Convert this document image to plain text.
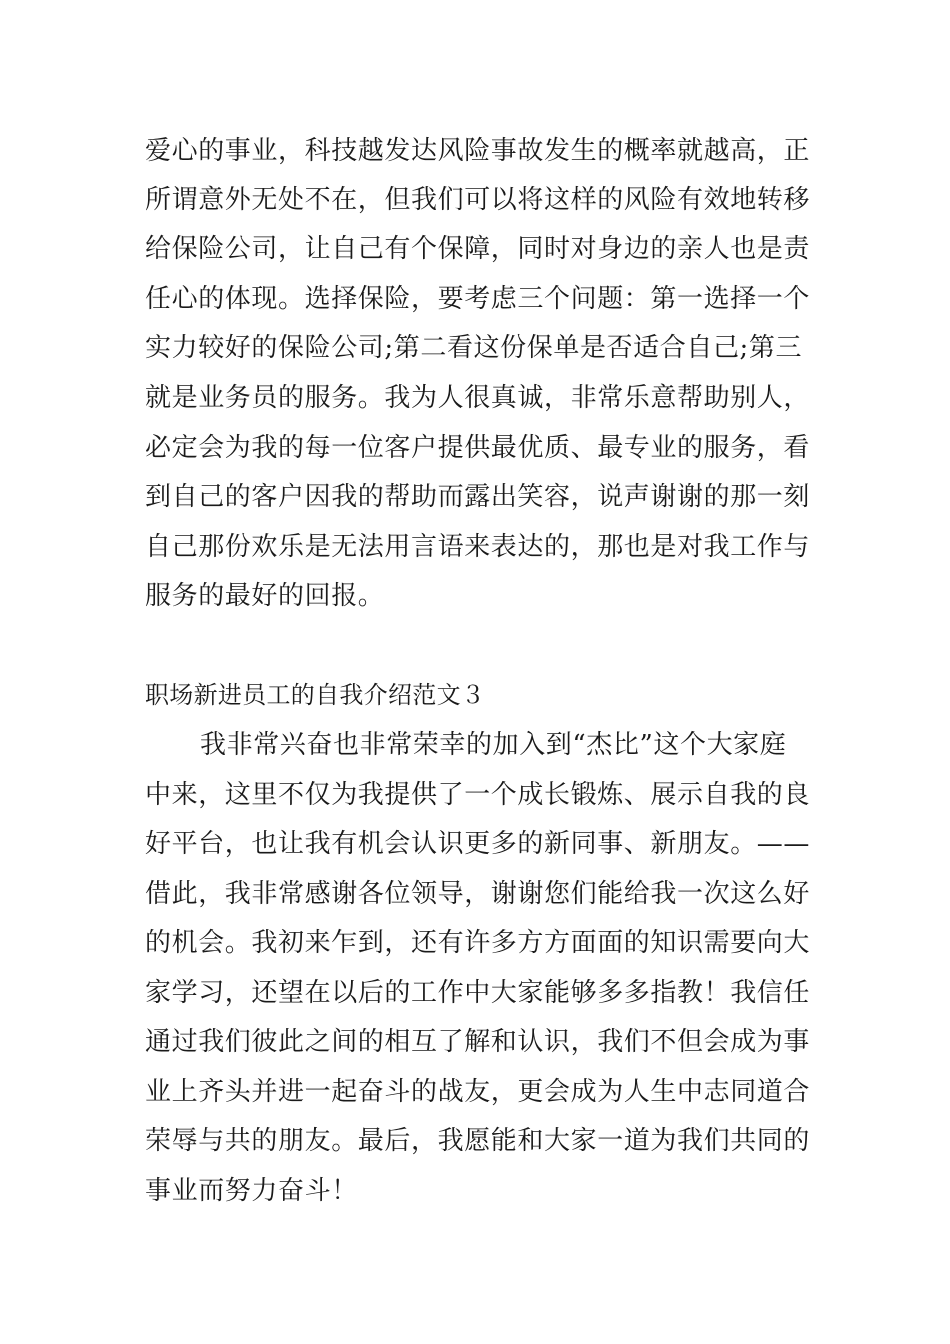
爱心的事业，科技越发达风险事故发生的概率就越高，正
所谓意外无处不在，但我们可以将这样的风险有效地转移
给保险公司，让自己有个保障，同时对身边的亲人也是责
任心的体现。选择保险，要考虑三个问题：第一选择一个
实力较好的保险公司;第二看这份保单是否适合自己;第三
就是业务员的服务。我为人很真诚，非常乐意帮助别人，
必定会为我的每一位客户提供最优质、最专业的服务，看
到自己的客户因我的帮助而露出笑容，说声谢谢的那一刻
自己那份欢乐是无法用言语来表达的，那也是对我工作与
服务的最好的回报。
职场新进员工的自我介绍范文３
我非常兴奋也非常荣幸的加入到“杰比”这个大家庭
中来，这里不仅为我提供了一个成长锻炼、展示自我的良
好平台，也让我有机会认识更多的新同事、新朋友。——
借此，我非常感谢各位领导，谢谢您们能给我一次这么好
的机会。我初来乍到，还有许多方方面面的知识需要向大
家学习，还望在以后的工作中大家能够多多指教！我信任
通过我们彼此之间的相互了解和认识，我们不但会成为事
业上齐头并进一起奋斗的战友，更会成为人生中志同道合
荣辱与共的朋友。最后，我愿能和大家一道为我们共同的
事业而努力奋斗！
